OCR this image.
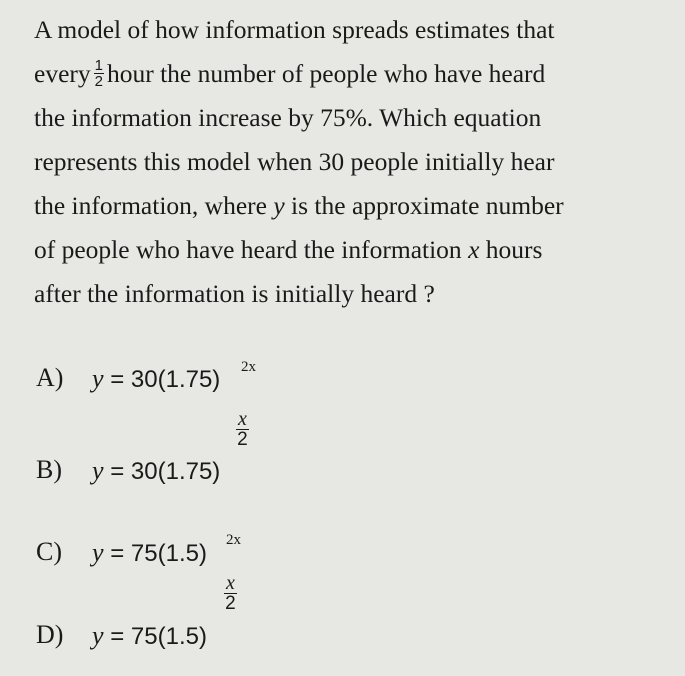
A model of how information spreads estimates that
every $\frac{1}{2}$ hour the number of people who have heard
the information increase by 75%. Which equation
represents this model when 30 people initially hear
the information, where y is the approximate number
of people who have heard the information x hours
after the information is initially heard ?
A) y = 30(1.75) 2x
B) y = 30(1.75)
$\frac{x}{2}$
C) y = 75(1.5) 2x
D) y = 75(1.5)
$\frac{x}{2}$
